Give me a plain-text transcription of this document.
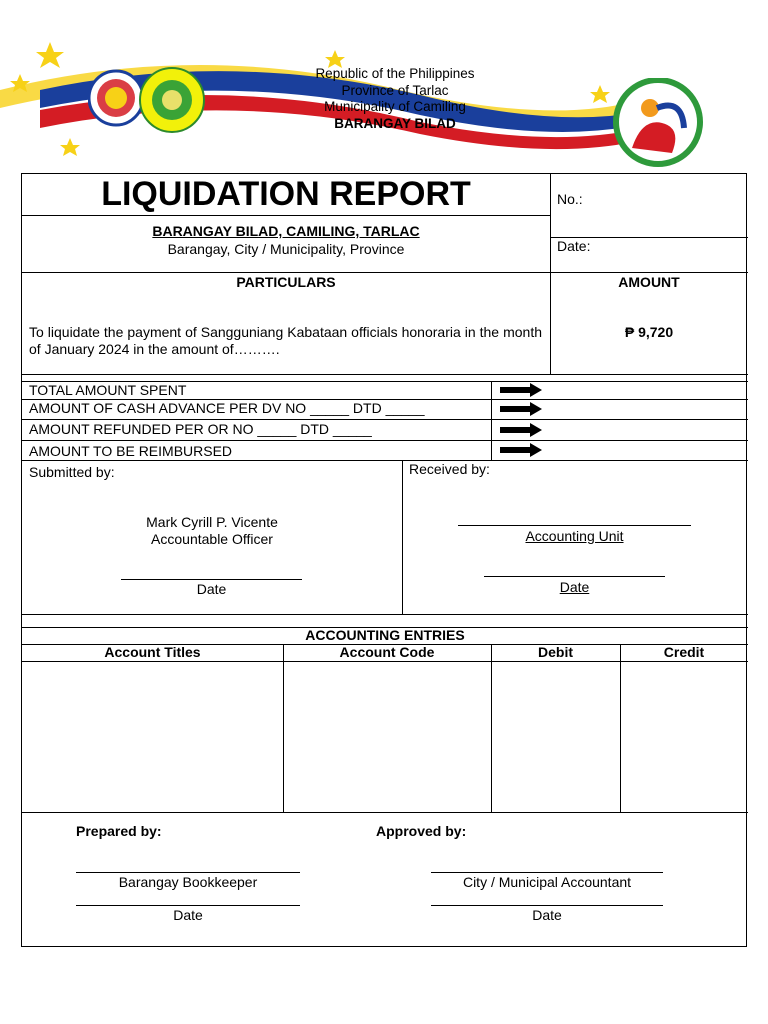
Republic of the Philippines
Province of Tarlac
Municipality of Camiling
BARANGAY BILAD
LIQUIDATION REPORT	No.:
Date:
BARANGAY BILAD, CAMILING, TARLAC
Barangay, City / Municipality, Province
PARTICULARS	AMOUNT
To liquidate the payment of Sangguniang Kabataan officials honoraria in the month of January 2024 in the amount of……….
₱ 9,720
TOTAL AMOUNT SPENT
AMOUNT OF CASH ADVANCE PER DV NO _____ DTD _____
AMOUNT REFUNDED PER OR NO _____ DTD _____
AMOUNT TO BE REIMBURSED
Submitted by:
Mark Cyrill P. Vicente
Accountable Officer
Date
Received by:
Accounting Unit
Date
ACCOUNTING ENTRIES
Account Titles	Account Code	Debit	Credit
Prepared by:
Barangay Bookkeeper
Date
Approved by:
City / Municipal Accountant
Date
